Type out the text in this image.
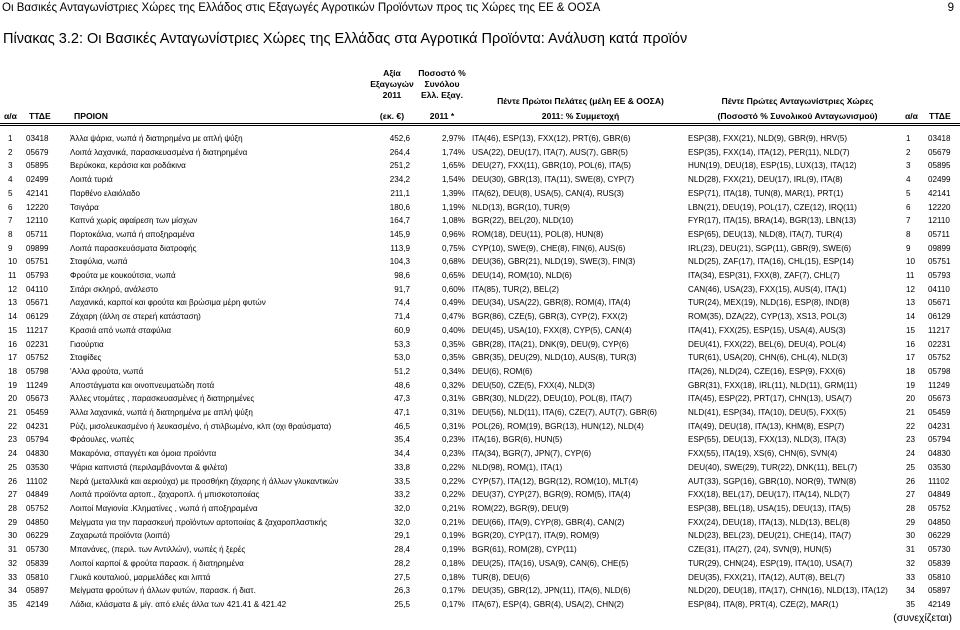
Οι Βασικές Ανταγωνίστριες Χώρες της Ελλάδος στις Εξαγωγές Αγροτικών Προϊόντων προς τις Χώρες της ΕΕ & ΟΟΣΑ	9
Πίνακας 3.2: Οι Βασικές Ανταγωνίστριες Χώρες της Ελλάδας στα Αγροτικά Προϊόντα: Ανάλυση κατά προϊόν
α/α ΤΤΔΕ	ΠΡΟΙΟΝ
Αξία
Εξαγωγών
2011
(εκ. €)
Ποσοστό %
Συνόλου
Ελλ. Εξαγ.
2011 *
Πέντε Πρώτοι Πελάτες (μέλη ΕΕ & ΟΟΣΑ)
2011: % Συμμετοχή
Πέντε Πρώτες Ανταγωνίστριες Χώρες
(Ποσοστό % Συνολικού Ανταγωνισμού)	α/α ΤΤΔΕ
1	03418	Άλλα ψάρια, νωπά ή διατηρημένα με απλή ψύξη	452,6	2,97%	ITA(46), ESP(13), FXX(12), PRT(6), GBR(6)	ESP(38), FXX(21), NLD(9), GBR(9), HRV(5)	1	03418
2	05679	Λοιπά λαχανικά, παρασκευασμένα ή διατηρημένα	264,4	1,74%	USA(22), DEU(17), ITA(7), AUS(7), GBR(5)	ESP(35), FXX(14), ITA(12), PER(11), NLD(7)	2	05679
3	05895	Βερύκοκα, κεράσια και ροδάκινα	251,2	1,65%	DEU(27), FXX(11), GBR(10), POL(6), ITA(5)	HUN(19), DEU(18), ESP(15), LUX(13), ITA(12)	3	05895
4	02499	Λοιπά τυριά	234,2	1,54%	DEU(30), GBR(13), ITA(11), SWE(8), CYP(7)	NLD(28), FXX(21), DEU(17), IRL(9), ITA(8)	4	02499
5	42141	Παρθένο ελαιόλαδο	211,1	1,39%	ITA(62), DEU(8), USA(5), CAN(4), RUS(3)	ESP(71), ITA(18), TUN(8), MAR(1), PRT(1)	5	42141
6	12220	Τσιγάρα	180,6	1,19%	NLD(13), BGR(10), TUR(9)	LBN(21), DEU(19), POL(17), CZE(12), IRQ(11)	6	12220
7	12110	Καπνά χωρίς αφαίρεση των μίσχων	164,7	1,08%	BGR(22), BEL(20), NLD(10)	FYR(17), ITA(15), BRA(14), BGR(13), LBN(13)	7	12110
8	05711	Πορτοκάλια, νωπά ή αποξηραμένα	145,9	0,96%	ROM(18), DEU(11), POL(8), HUN(8)	ESP(65), DEU(13), NLD(8), ITA(7), TUR(4)	8	05711
9	09899	Λοιπά παρασκευάσματα διατροφής	113,9	0,75%	CYP(10), SWE(9), CHE(8), FIN(6), AUS(6)	IRL(23), DEU(21), SGP(11), GBR(9), SWE(6)	9	09899
10	05751	Σταφύλια, νωπά	104,3	0,68%	DEU(36), GBR(21), NLD(19), SWE(3), FIN(3)	NLD(25), ZAF(17), ITA(16), CHL(15), ESP(14)	10	05751
11	05793	Φρούτα με κουκούτσια, νωπά	98,6	0,65%	DEU(14), ROM(10), NLD(6)	ITA(34), ESP(31), FXX(8), ZAF(7), CHL(7)	11	05793
12	04110	Σιτάρι σκληρό, ανάλεστο	91,7	0,60%	ITA(85), TUR(2), BEL(2)	CAN(46), USA(23), FXX(15), AUS(4), ITA(1)	12	04110
13	05671	Λαχανικά, καρποί και φρούτα και βρώσιμα μέρη φυτών	74,4	0,49%	DEU(34), USA(22), GBR(8), ROM(4), ITA(4)	TUR(24), MEX(19), NLD(16), ESP(8), IND(8)	13	05671
14	06129	Ζάχαρη (άλλη σε στερεή κατάσταση)	71,4	0,47%	BGR(86), CZE(5), GBR(3), CYP(2), FXX(2)	ROM(35), DZA(22), CYP(13), XS13, POL(3)	14	06129
15	11217	Κρασιά από νωπά σταφύλια	60,9	0,40%	DEU(45), USA(10), FXX(8), CYP(5), CAN(4)	ITA(41), FXX(25), ESP(15), USA(4), AUS(3)	15	11217
16	02231	Γιαούρτια	53,3	0,35%	GBR(28), ITA(21), DNK(9), DEU(9), CYP(6)	DEU(41), FXX(22), BEL(6), DEU(4), POL(4)	16	02231
17	05752	Σταφίδες	53,0	0,35%	GBR(35), DEU(29), NLD(10), AUS(8), TUR(3)	TUR(61), USA(20), CHN(6), CHL(4), NLD(3)	17	05752
18	05798	'Αλλα φρούτα, νωπά	51,2	0,34%	DEU(6), ROM(6)	ITA(26), NLD(24), CZE(16), ESP(9), FXX(6)	18	05798
19	11249	Αποστάγματα και οινοπνευματώδη ποτά	48,6	0,32%	DEU(50), CZE(5), FXX(4), NLD(3)	GBR(31), FXX(18), IRL(11), NLD(11), GRM(11)	19	11249
20	05673	Άλλες ντομάτες , παρασκευασμένες ή διατηρημένες	47,3	0,31%	GBR(30), NLD(22), DEU(10), POL(8), ITA(7)	ITA(45), ESP(22), PRT(17), CHN(13), USA(7)	20	05673
21	05459	Άλλα λαχανικά, νωπά ή διατηρημένα με απλή ψύξη	47,1	0,31%	DEU(56), NLD(11), ITA(6), CZE(7), AUT(7), GBR(6)	NLD(41), ESP(34), ITA(10), DEU(5), FXX(5)	21	05459
22	04231	Ρύζι, μισολευκασμένο ή λευκασμένο, ή στιλβωμένο, κλπ (οχι θραύσματα)	46,5	0,31%	POL(26), ROM(19), BGR(13), HUN(12), NLD(4)	ITA(49), DEU(18), ITA(13), KHM(8), ESP(7)	22	04231
23	05794	Φράουλες, νωπές	35,4	0,23%	ITA(16), BGR(6), HUN(5)	ESP(55), DEU(13), FXX(13), NLD(3), ITA(3)	23	05794
24	04830	Μακαρόνια, σπαγγέτι και όμοια προϊόντα	34,4	0,23%	ITA(34), BGR(7), JPN(7), CYP(6)	FXX(55), ITA(19), XS(6), CHN(6), SVN(4)	24	04830
25	03530	Ψάρια καπνιστά (περιλαμβάνονται & φιλέτα)	33,8	0,22%	NLD(98), ROM(1), ITA(1)	DEU(40), SWE(29), TUR(22), DNK(11), BEL(7)	25	03530
26	11102	Νερά (μεταλλικά και αεριούχα) με προσθήκη ζάχαρης ή άλλων γλυκαντικών	33,5	0,22%	CYP(57), ITA(12), BGR(12), ROM(10), MLT(4)	AUT(33), SGP(16), GBR(10), NOR(9), TWN(8)	26	11102
27	04849	Λοιπά προϊόντα αρτοπ., ζαχαροπλ. ή μπισκοτοποιίας	33,2	0,22%	DEU(37), CYP(27), BGR(9), ROM(5), ITA(4)	FXX(18), BEL(17), DEU(17), ITA(14), NLD(7)	27	04849
28	05752	Λοιποί Μαγιονία .Κληματίνες , νωπά ή αποξηραμένα	32,0	0,21%	ROM(22), BGR(9), DEU(9)	ESP(38), BEL(18), USA(15), DEU(13), ITA(5)	28	05752
29	04850	Μείγματα για την παρασκευή προϊόντων αρτοποιίας & ζαχαροπλαστικής	32,0	0,21%	DEU(66), ITA(9), CYP(8), GBR(4), CAN(2)	FXX(24), DEU(18), ITA(13), NLD(13), BEL(8)	29	04850
30	06229	Ζαχαρωτά προϊόντα (λοιπά)	29,1	0,19%	BGR(20), CYP(17), ITA(9), ROM(9)	NLD(23), BEL(23), DEU(21), CHE(14), ITA(7)	30	06229
31	05730	Μπανάνες, (περιλ. των Αντιλλών), νωπές ή ξερές	28,4	0,19%	BGR(61), ROM(28), CYP(11)	CZE(31), ITA(27), (24), SVN(9), HUN(5)	31	05730
32	05839	Λοιποί καρποί & φρούτα παρασκ. ή διατηρημένα	28,2	0,18%	DEU(25), ITA(16), USA(9), CAN(6), CHE(5)	TUR(29), CHN(24), ESP(19), ITA(10), USA(7)	32	05839
33	05810	Γλυκά κουταλιού, μαρμελάδες και λιπτά	27,5	0,18%	TUR(8), DEU(6)	DEU(35), FXX(21), ITA(12), AUT(8), BEL(7)	33	05810
34	05897	Μείγματα φρούτων ή άλλων φυτών, παρασκ. ή διατ.	26,3	0,17%	DEU(35), GBR(12), JPN(11), ITA(6), NLD(6)	NLD(20), DEU(18), ITA(17), CHN(16), NLD(13), ITA(12)	34	05897
35	42149	Λάδια, κλάσματα & μίγ. από ελιές άλλα των 421.41 & 421.42	25,5	0,17%	ITA(67), ESP(4), GBR(4), USA(2), CHN(2)	ESP(84), ITA(8), PRT(4), CZE(2), MAR(1)	35	42149
(συνεχίζεται)
